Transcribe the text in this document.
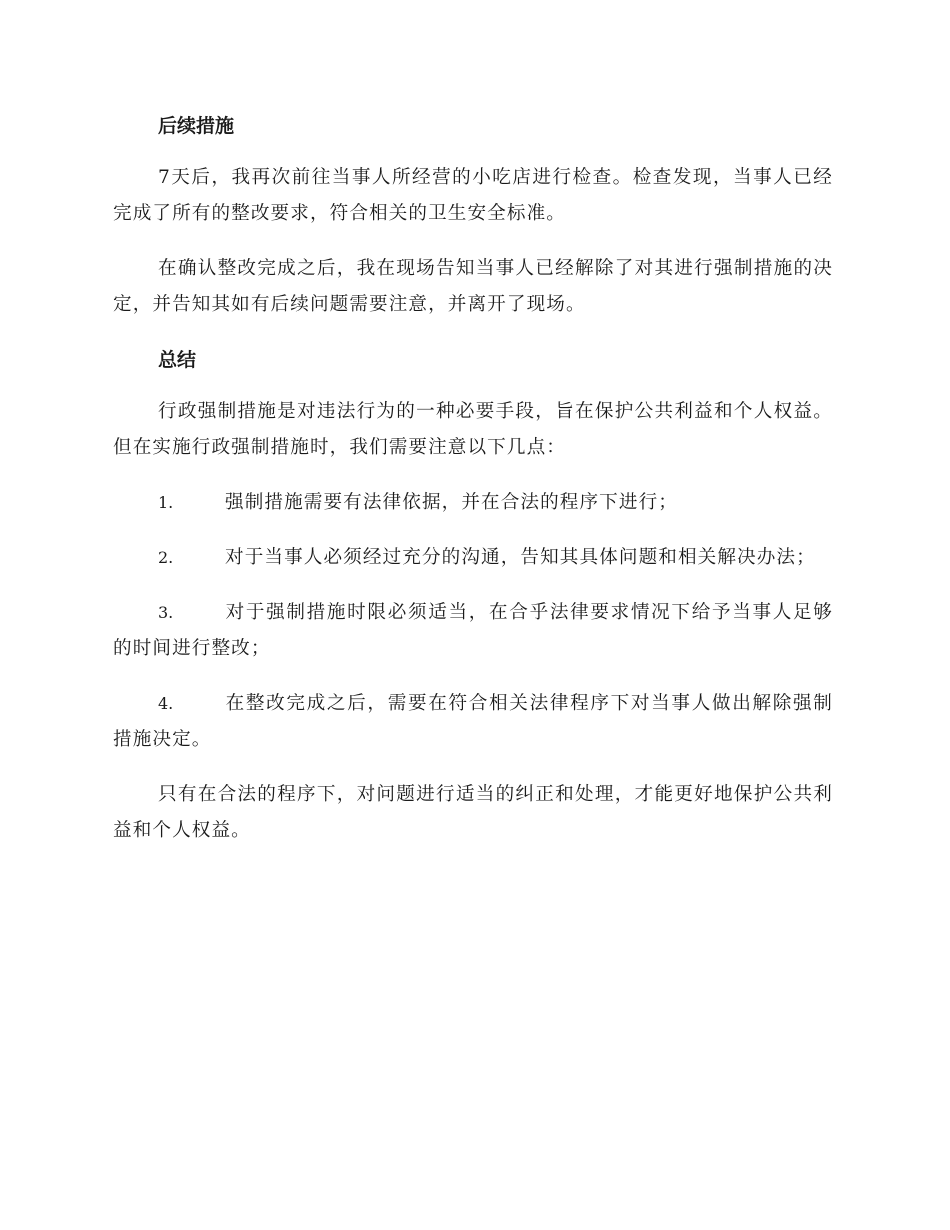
后续措施

7天后，我再次前往当事人所经营的小吃店进行检查。检查发现，当事人已经完成了所有的整改要求，符合相关的卫生安全标准。

在确认整改完成之后，我在现场告知当事人已经解除了对其进行强制措施的决定，并告知其如有后续问题需要注意，并离开了现场。

总结

行政强制措施是对违法行为的一种必要手段，旨在保护公共利益和个人权益。但在实施行政强制措施时，我们需要注意以下几点：

1.	强制措施需要有法律依据，并在合法的程序下进行；

2.	对于当事人必须经过充分的沟通，告知其具体问题和相关解决办法；

3.	对于强制措施时限必须适当，在合乎法律要求情况下给予当事人足够的时间进行整改；

4.	在整改完成之后，需要在符合相关法律程序下对当事人做出解除强制措施决定。

只有在合法的程序下，对问题进行适当的纠正和处理，才能更好地保护公共利益和个人权益。
